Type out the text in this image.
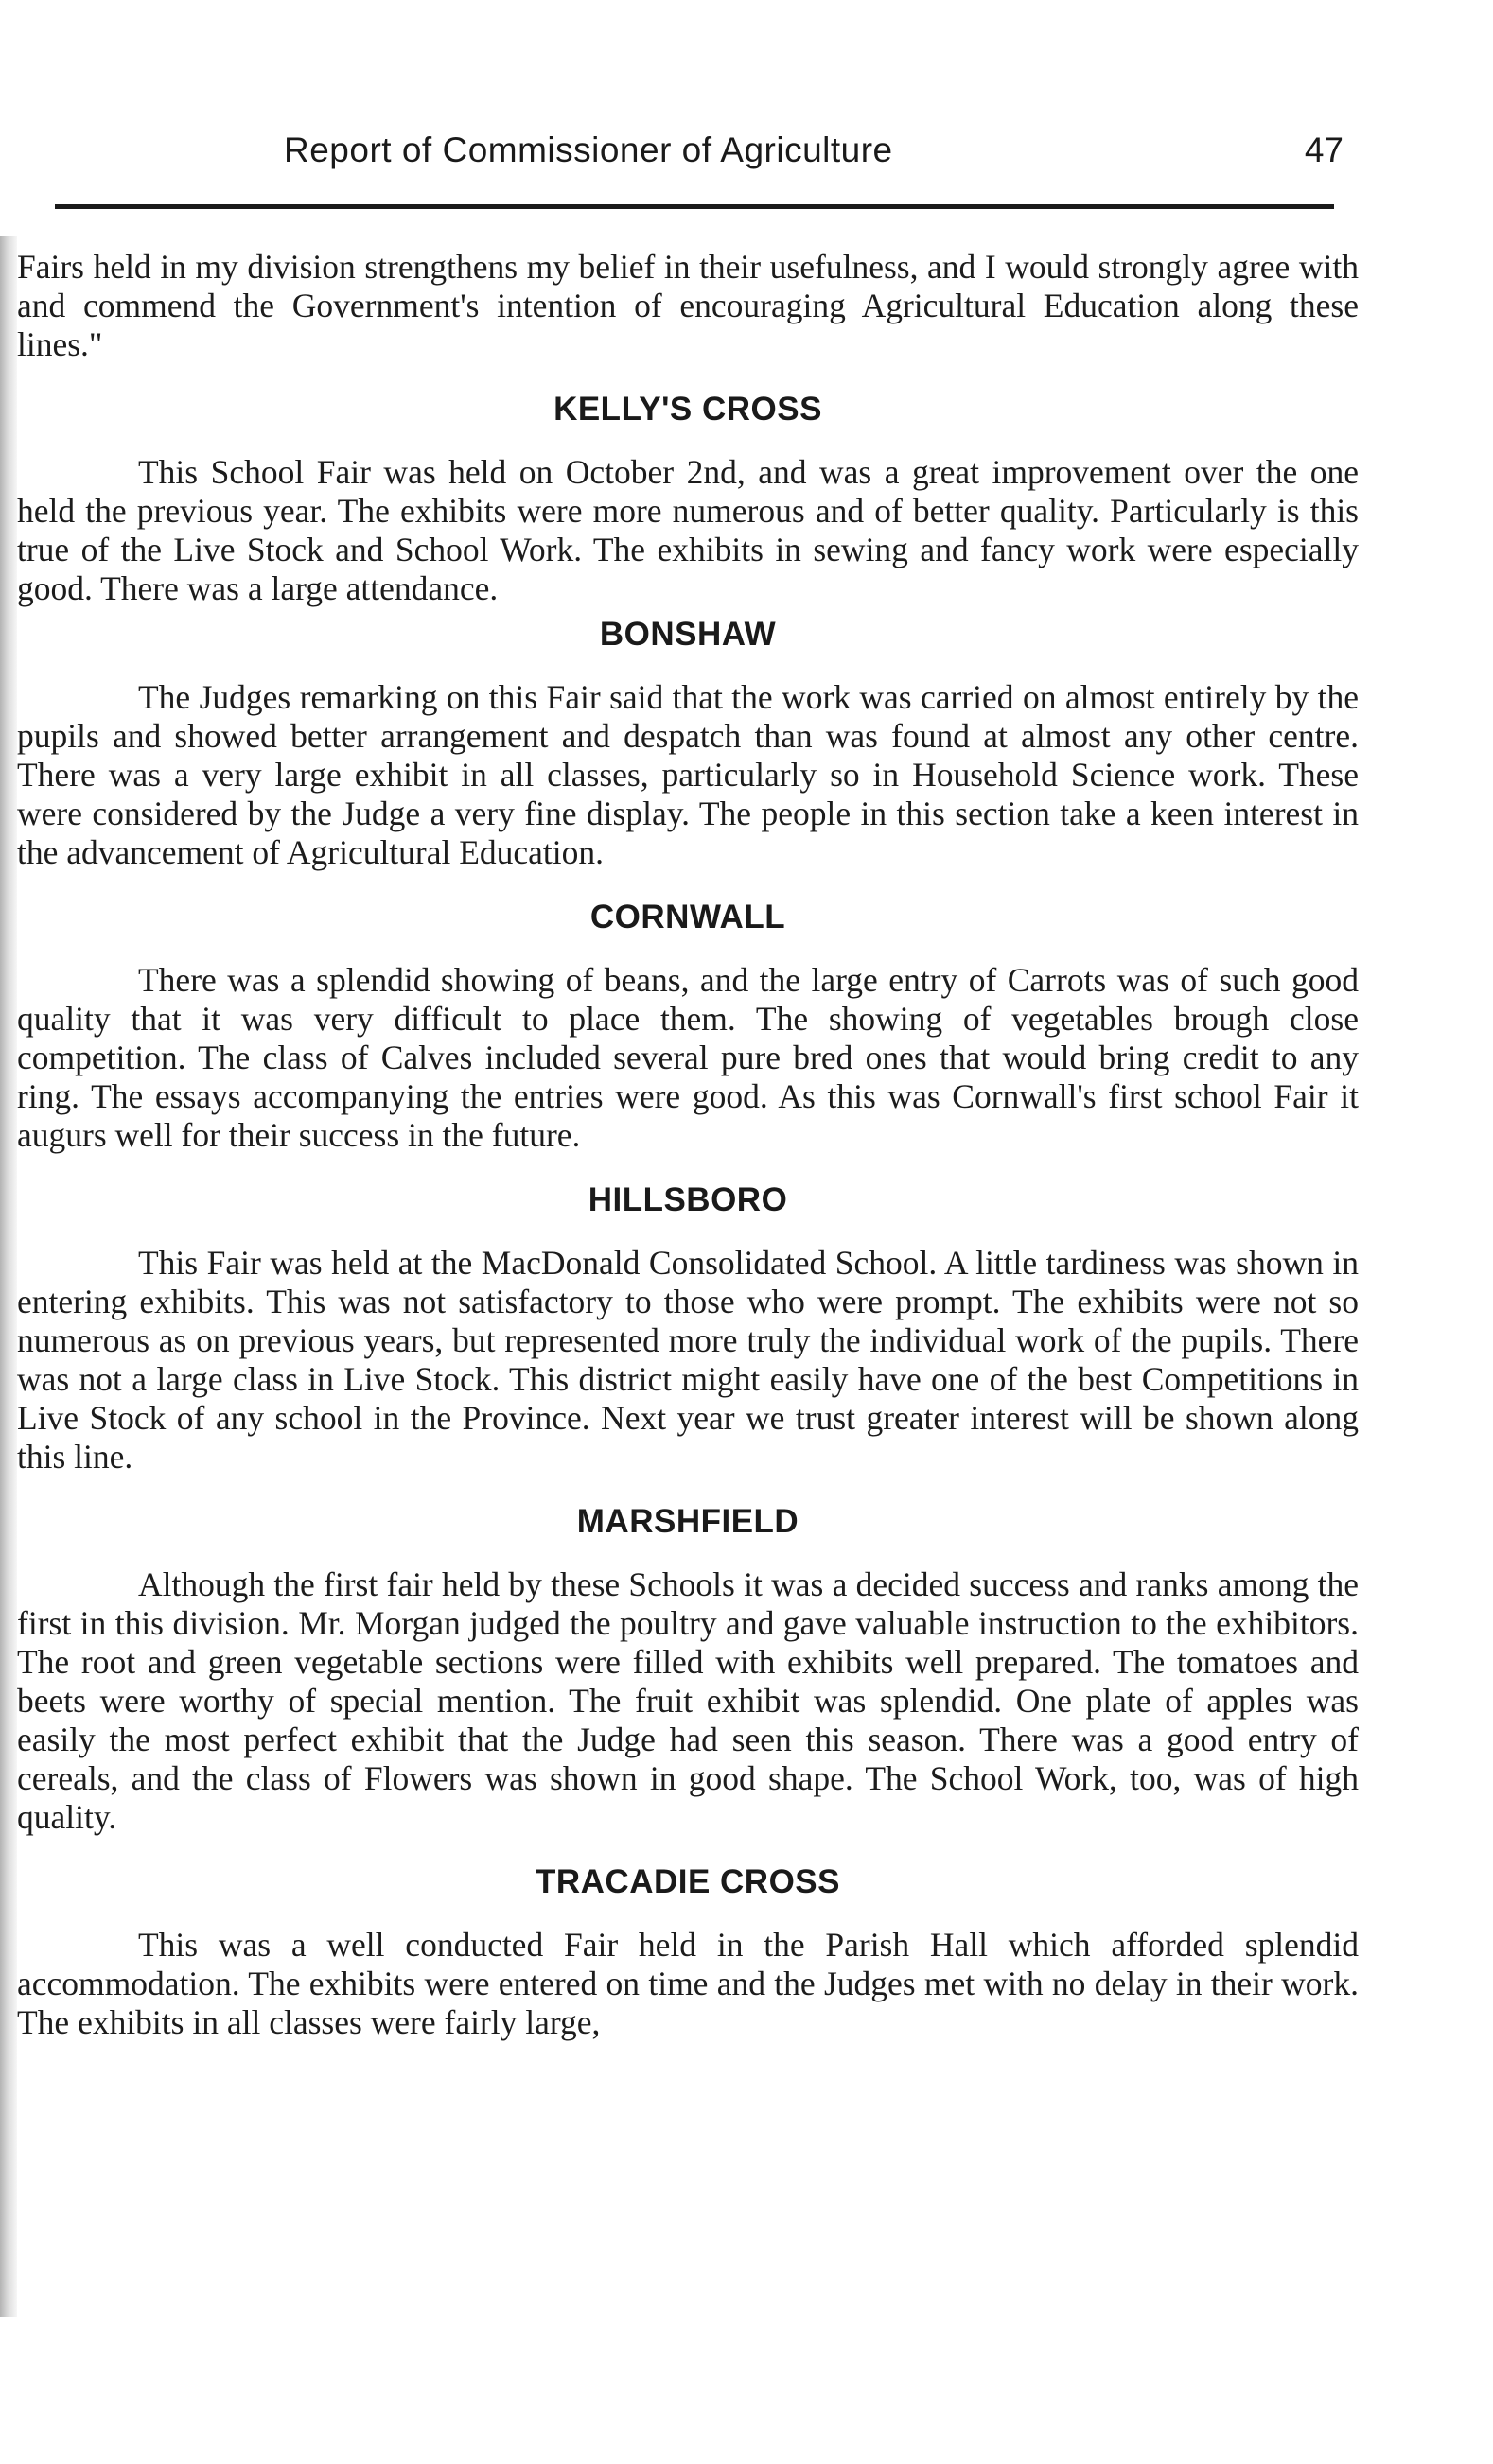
Report of Commissioner of Agriculture	47

Fairs held in my division strengthens my belief in their usefulness, and I would strongly agree with and commend the Government's intention of encouraging Agricultural Education along these lines."

KELLY'S CROSS

This School Fair was held on October 2nd, and was a great improvement over the one held the previous year. The exhibits were more numerous and of better quality. Particularly is this true of the Live Stock and School Work. The exhibits in sewing and fancy work were especially good. There was a large attendance.

BONSHAW

The Judges remarking on this Fair said that the work was carried on almost entirely by the pupils and showed better arrangement and despatch than was found at almost any other centre. There was a very large exhibit in all classes, particularly so in Household Science work. These were considered by the Judge a very fine display. The people in this section take a keen interest in the advancement of Agricultural Education.

CORNWALL

There was a splendid showing of beans, and the large entry of Carrots was of such good quality that it was very difficult to place them. The showing of vegetables brough close competition. The class of Calves included several pure bred ones that would bring credit to any ring. The essays accompanying the entries were good. As this was Cornwall's first school Fair it augurs well for their success in the future.

HILLSBORO

This Fair was held at the MacDonald Consolidated School. A little tardiness was shown in entering exhibits. This was not satisfactory to those who were prompt. The exhibits were not so numerous as on previous years, but represented more truly the individual work of the pupils. There was not a large class in Live Stock. This district might easily have one of the best Competitions in Live Stock of any school in the Province. Next year we trust greater interest will be shown along this line.

MARSHFIELD

Although the first fair held by these Schools it was a decided success and ranks among the first in this division. Mr. Morgan judged the poultry and gave valuable instruction to the exhibitors. The root and green vegetable sections were filled with exhibits well prepared. The tomatoes and beets were worthy of special mention. The fruit exhibit was splendid. One plate of apples was easily the most perfect exhibit that the Judge had seen this season. There was a good entry of cereals, and the class of Flowers was shown in good shape. The School Work, too, was of high quality.

TRACADIE CROSS

This was a well conducted Fair held in the Parish Hall which afforded splendid accommodation. The exhibits were entered on time and the Judges met with no delay in their work. The exhibits in all classes were fairly large,
